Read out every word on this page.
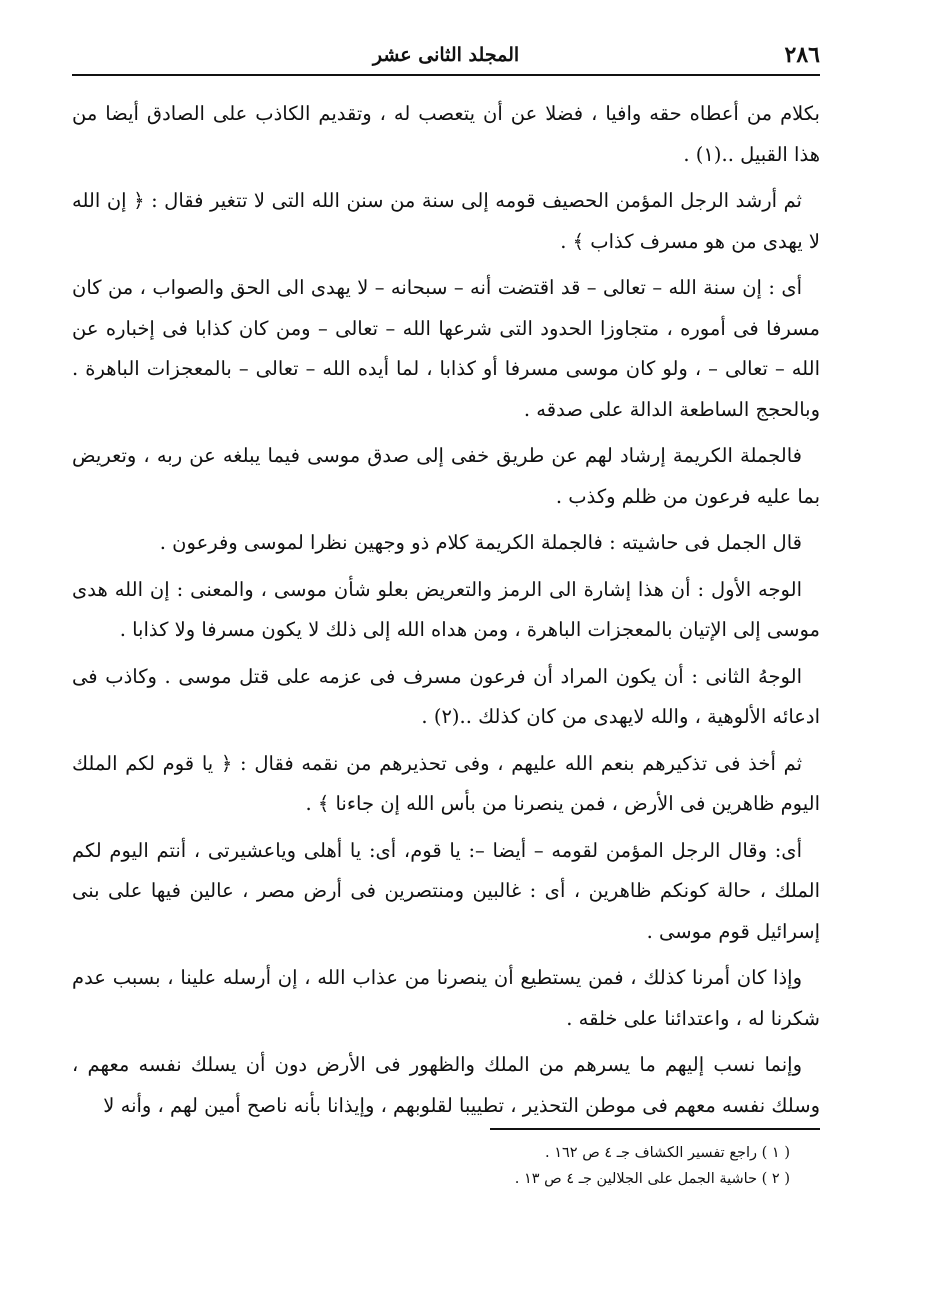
٢٨٦
المجلد الثانى عشر

بكلام من أعطاه حقه وافيا ، فضلا عن أن يتعصب له ، وتقديم الكاذب على الصادق أيضا من هذا القبيل ..(١) .

ثم أرشد الرجل المؤمن الحصيف قومه إلى سنة من سنن الله التى لا تتغير فقال : ﴿ إن الله لا يهدى من هو مسرف كذاب ﴾ .

أى : إن سنة الله – تعالى – قد اقتضت أنه – سبحانه – لا يهدى الى الحق والصواب ، من كان مسرفا فى أموره ، متجاوزا الحدود التى شرعها الله – تعالى – ومن كان كذابا فى إخباره عن الله – تعالى – ، ولو كان موسى مسرفا أو كذابا ، لما أيده الله – تعالى – بالمعجزات الباهرة . وبالحجج الساطعة الدالة على صدقه .

فالجملة الكريمة إرشاد لهم عن طريق خفى إلى صدق موسى فيما يبلغه عن ربه ، وتعريض بما عليه فرعون من ظلم وكذب .

قال الجمل فى حاشيته : فالجملة الكريمة كلام ذو وجهين نظرا لموسى وفرعون .

الوجه الأول : أن هذا إشارة الى الرمز والتعريض بعلو شأن موسى ، والمعنى : إن الله هدى موسى إلى الإتيان بالمعجزات الباهرة ، ومن هداه الله إلى ذلك لا يكون مسرفا ولا كذابا .

الوجهُ الثانى : أن يكون المراد أن فرعون مسرف فى عزمه على قتل موسى . وكاذب فى ادعائه الألوهية ، والله لايهدى من كان كذلك ..(٢) .

ثم أخذ فى تذكيرهم بنعم الله عليهم ، وفى تحذيرهم من نقمه فقال : ﴿ يا قوم لكم الملك اليوم ظاهرين فى الأرض ، فمن ينصرنا من بأس الله إن جاءنا ﴾ .

أى: وقال الرجل المؤمن لقومه – أيضا –: يا قوم، أى: يا أهلى وياعشيرتى ، أنتم اليوم لكم الملك ، حالة كونكم ظاهرين ، أى : غالبين ومنتصرين فى أرض مصر ، عالين فيها على بنى إسرائيل قوم موسى .

وإذا كان أمرنا كذلك ، فمن يستطيع أن ينصرنا من عذاب الله ، إن أرسله علينا ، بسبب عدم شكرنا له ، واعتدائنا على خلقه .

وإنما نسب إليهم ما يسرهم من الملك والظهور فى الأرض دون أن يسلك نفسه معهم ، وسلك نفسه معهم فى موطن التحذير ، تطييبا لقلوبهم ، وإيذانا بأنه ناصح أمين لهم ، وأنه لا

( ١ ) راجع تفسير الكشاف جـ ٤ ص ١٦٢ .
( ٢ ) حاشية الجمل على الجلالين جـ ٤ ص ١٣ .
